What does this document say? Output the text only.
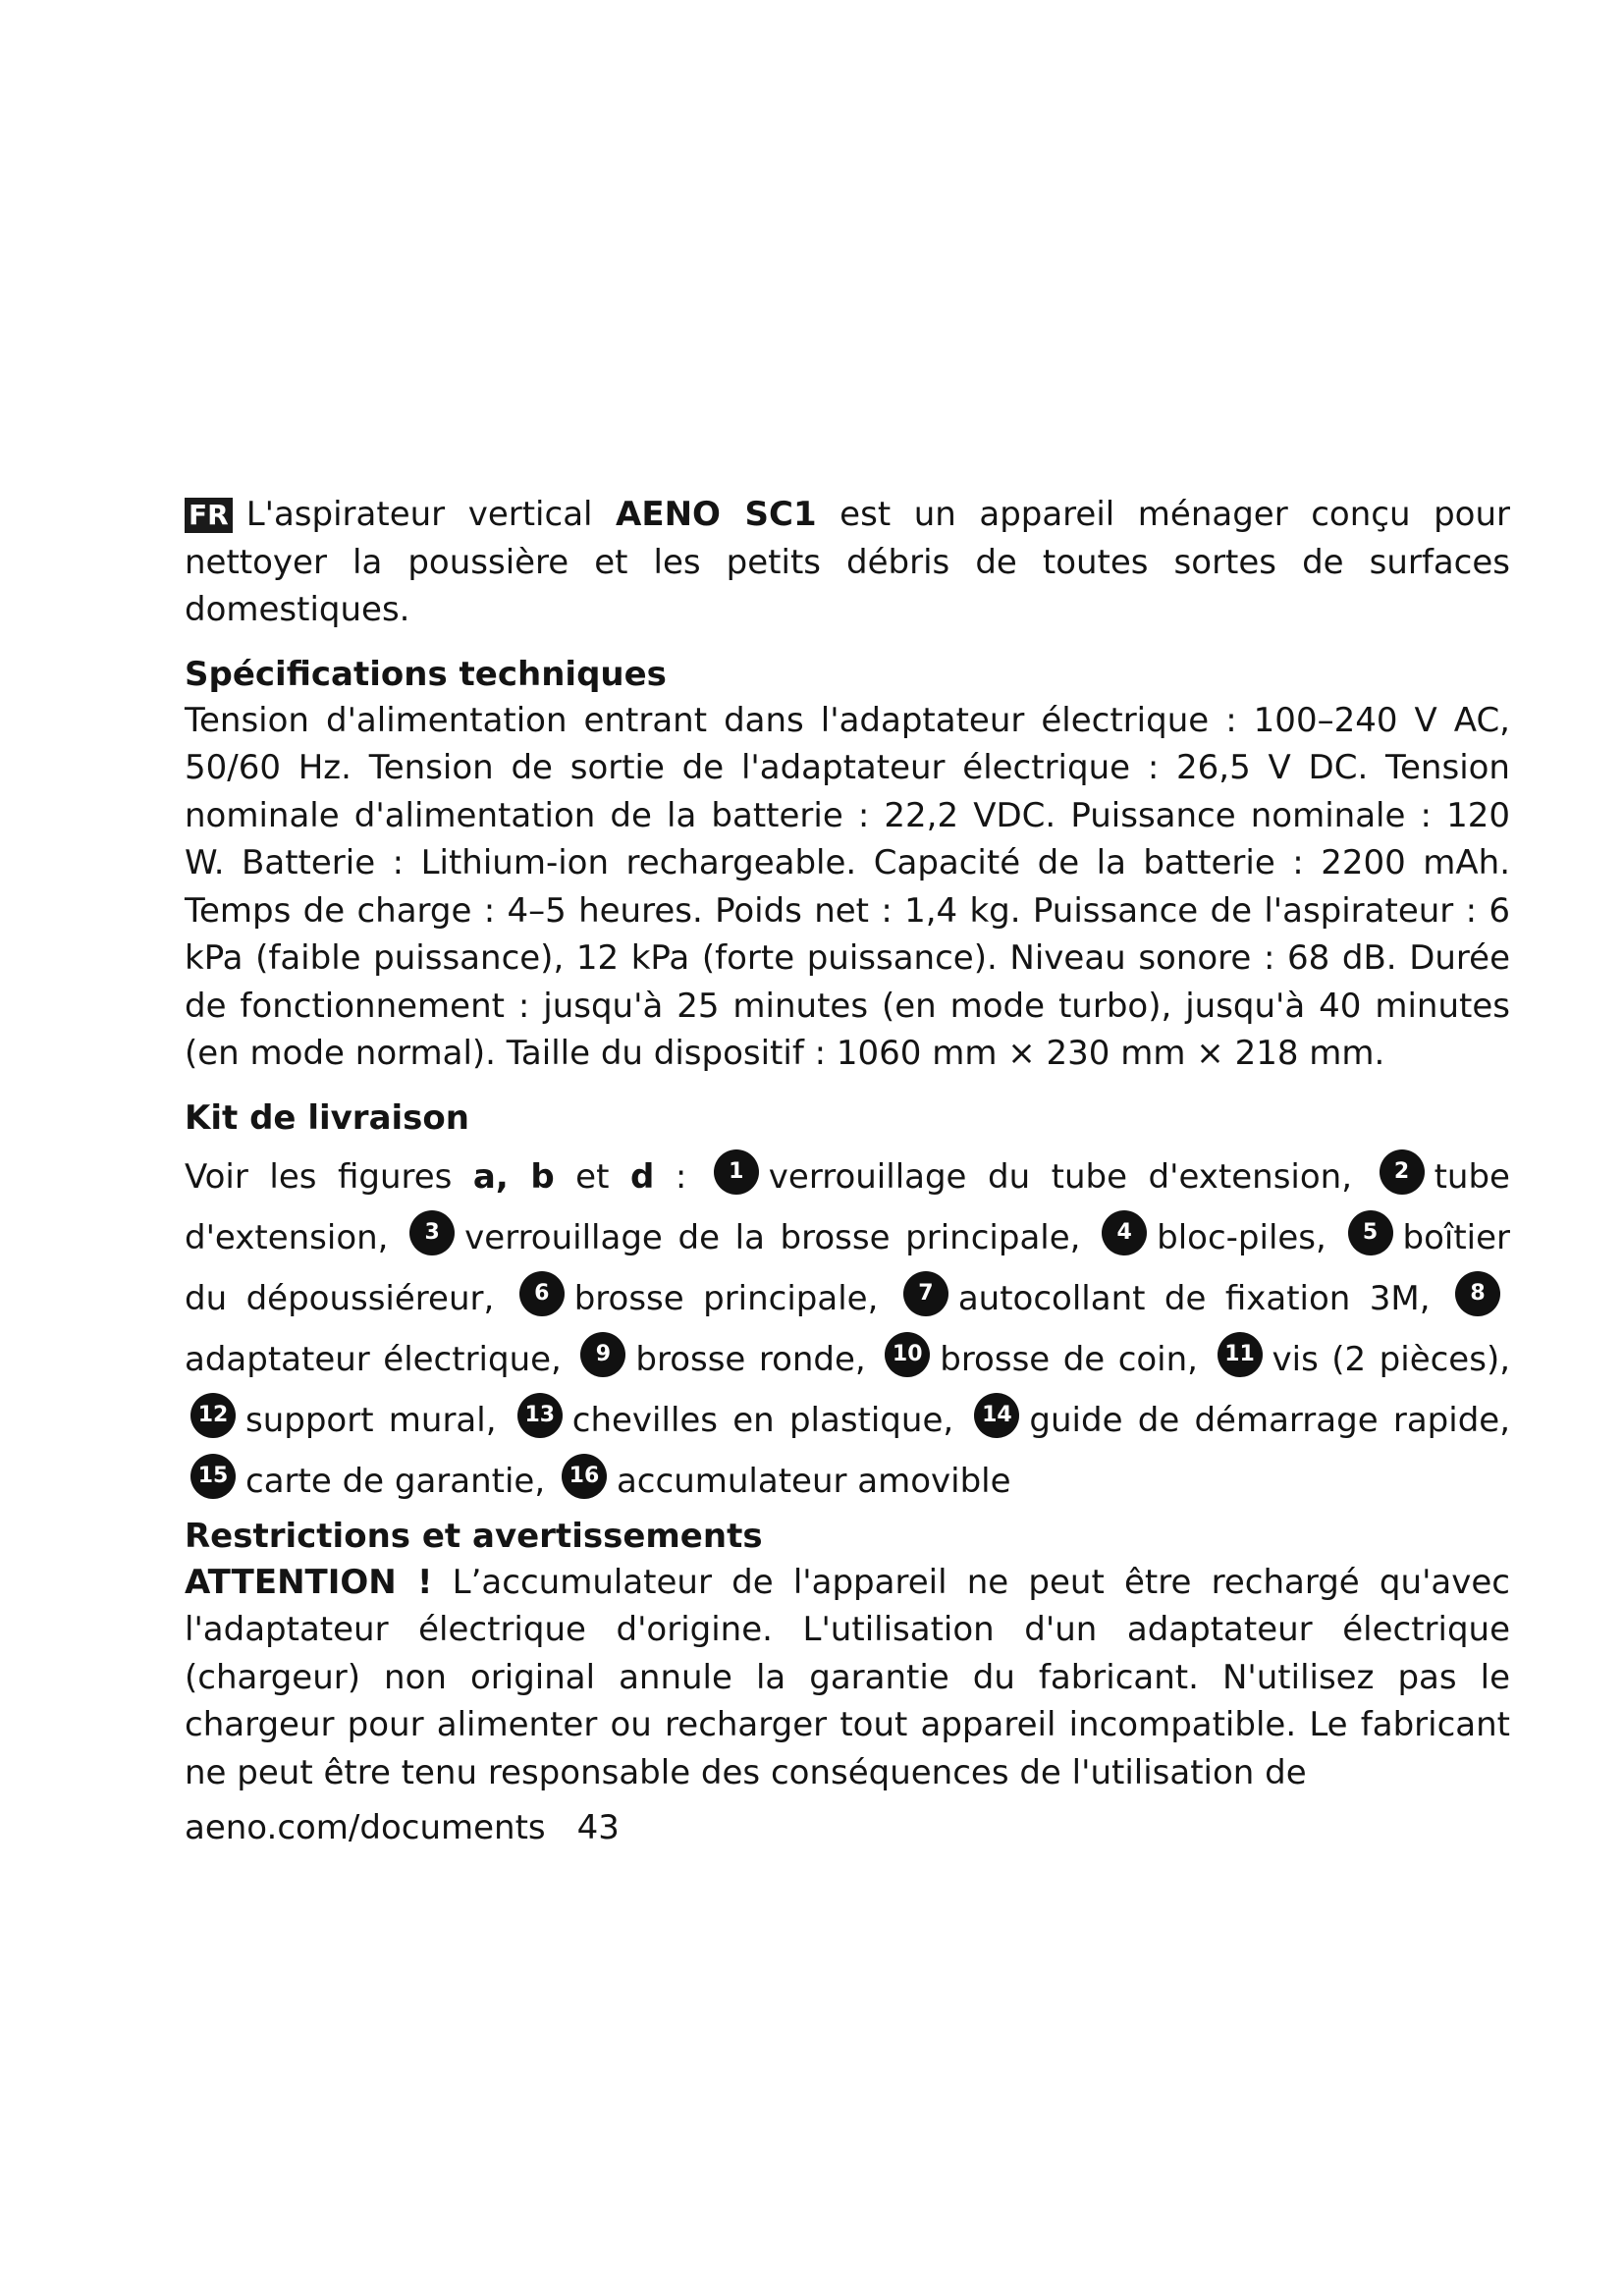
FR L'aspirateur vertical AENO SC1 est un appareil ménager conçu pour nettoyer la poussière et les petits débris de toutes sortes de surfaces domestiques.

Spécifications techniques

Tension d'alimentation entrant dans l'adaptateur électrique : 100–240 V AC, 50/60 Hz. Tension de sortie de l'adaptateur électrique : 26,5 V DC. Tension nominale d'alimentation de la batterie : 22,2 VDC. Puissance nominale : 120 W. Batterie : Lithium-ion rechargeable. Capacité de la batterie : 2200 mAh. Temps de charge : 4–5 heures. Poids net : 1,4 kg. Puissance de l'aspirateur : 6 kPa (faible puissance), 12 kPa (forte puissance). Niveau sonore : 68 dB. Durée de fonctionnement : jusqu'à 25 minutes (en mode turbo), jusqu'à 40 minutes (en mode normal). Taille du dispositif : 1060 mm × 230 mm × 218 mm.

Kit de livraison

Voir les figures a, b et d : 1 verrouillage du tube d'extension, 2 tube d'extension, 3 verrouillage de la brosse principale, 4 bloc-piles, 5 boîtier du dépoussiéreur, 6 brosse principale, 7 autocollant de fixation 3M, 8adaptateur électrique, 9 brosse ronde, 10 brosse de coin, 11 vis (2 pièces), 12 support mural, 13 chevilles en plastique, 14 guide de démarrage rapide, 15 carte de garantie, 16 accumulateur amovible

Restrictions et avertissements

ATTENTION ! L’accumulateur de l'appareil ne peut être rechargé qu'avec l'adaptateur électrique d'origine. L'utilisation d'un adaptateur électrique (chargeur) non original annule la garantie du fabricant. N'utilisez pas le chargeur pour alimenter ou recharger tout appareil incompatible. Le fabricant ne peut être tenu responsable des conséquences de l'utilisation de

aeno.com/documents 43
